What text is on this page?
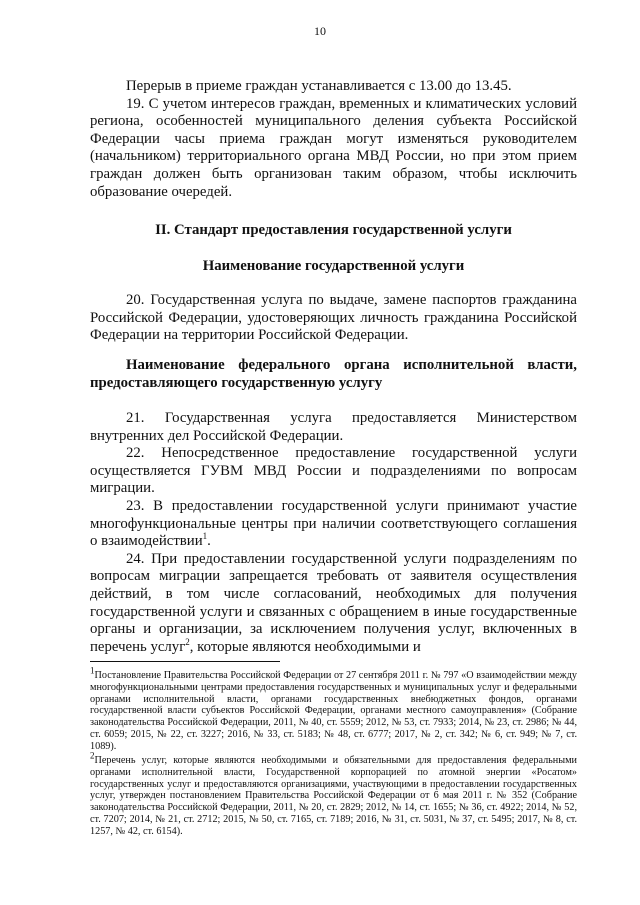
10

Перерыв в приеме граждан устанавливается с 13.00 до 13.45.

19. С учетом интересов граждан, временных и климатических условий региона, особенностей муниципального деления субъекта Российской Федерации часы приема граждан могут изменяться руководителем (начальником) территориального органа МВД России, но при этом прием граждан должен быть организован таким образом, чтобы исключить образование очередей.

II. Стандарт предоставления государственной услуги

Наименование государственной услуги

20. Государственная услуга по выдаче, замене паспортов гражданина Российской Федерации, удостоверяющих личность гражданина Российской Федерации на территории Российской Федерации.

Наименование федерального органа исполнительной власти, предоставляющего государственную услугу

21. Государственная услуга предоставляется Министерством внутренних дел Российской Федерации.

22. Непосредственное предоставление государственной услуги осуществляется ГУВМ МВД России и подразделениями по вопросам миграции.

23. В предоставлении государственной услуги принимают участие многофункциональные центры при наличии соответствующего соглашения о взаимодействии$^1$.

24. При предоставлении государственной услуги подразделениям по вопросам миграции запрещается требовать от заявителя осуществления действий, в том числе согласований, необходимых для получения государственной услуги и связанных с обращением в иные государственные органы и организации, за исключением получения услуг, включенных в перечень услуг$^2$, которые являются необходимыми и

$^1$Постановление Правительства Российской Федерации от 27 сентября 2011 г. № 797 «О взаимодействии между многофункциональными центрами предоставления государственных и муниципальных услуг и федеральными органами исполнительной власти, органами государственных внебюджетных фондов, органами государственной власти субъектов Российской Федерации, органами местного самоуправления» (Собрание законодательства Российской Федерации, 2011, № 40, ст. 5559; 2012, № 53, ст. 7933; 2014, № 23, ст. 2986; № 44, ст. 6059; 2015, № 22, ст. 3227; 2016, № 33, ст. 5183; № 48, ст. 6777; 2017, № 2, ст. 342; № 6, ст. 949; № 7, ст. 1089).

$^2$Перечень услуг, которые являются необходимыми и обязательными для предоставления федеральными органами исполнительной власти, Государственной корпорацией по атомной энергии «Росатом» государственных услуг и предоставляются организациями, участвующими в предоставлении государственных услуг, утвержден постановлением Правительства Российской Федерации от 6 мая 2011 г. № 352 (Собрание законодательства Российской Федерации, 2011, № 20, ст. 2829; 2012, № 14, ст. 1655; № 36, ст. 4922; 2014, № 52, ст. 7207; 2014, № 21, ст. 2712; 2015, № 50, ст. 7165, ст. 7189; 2016, № 31, ст. 5031, № 37, ст. 5495; 2017, № 8, ст. 1257, № 42, ст. 6154).
